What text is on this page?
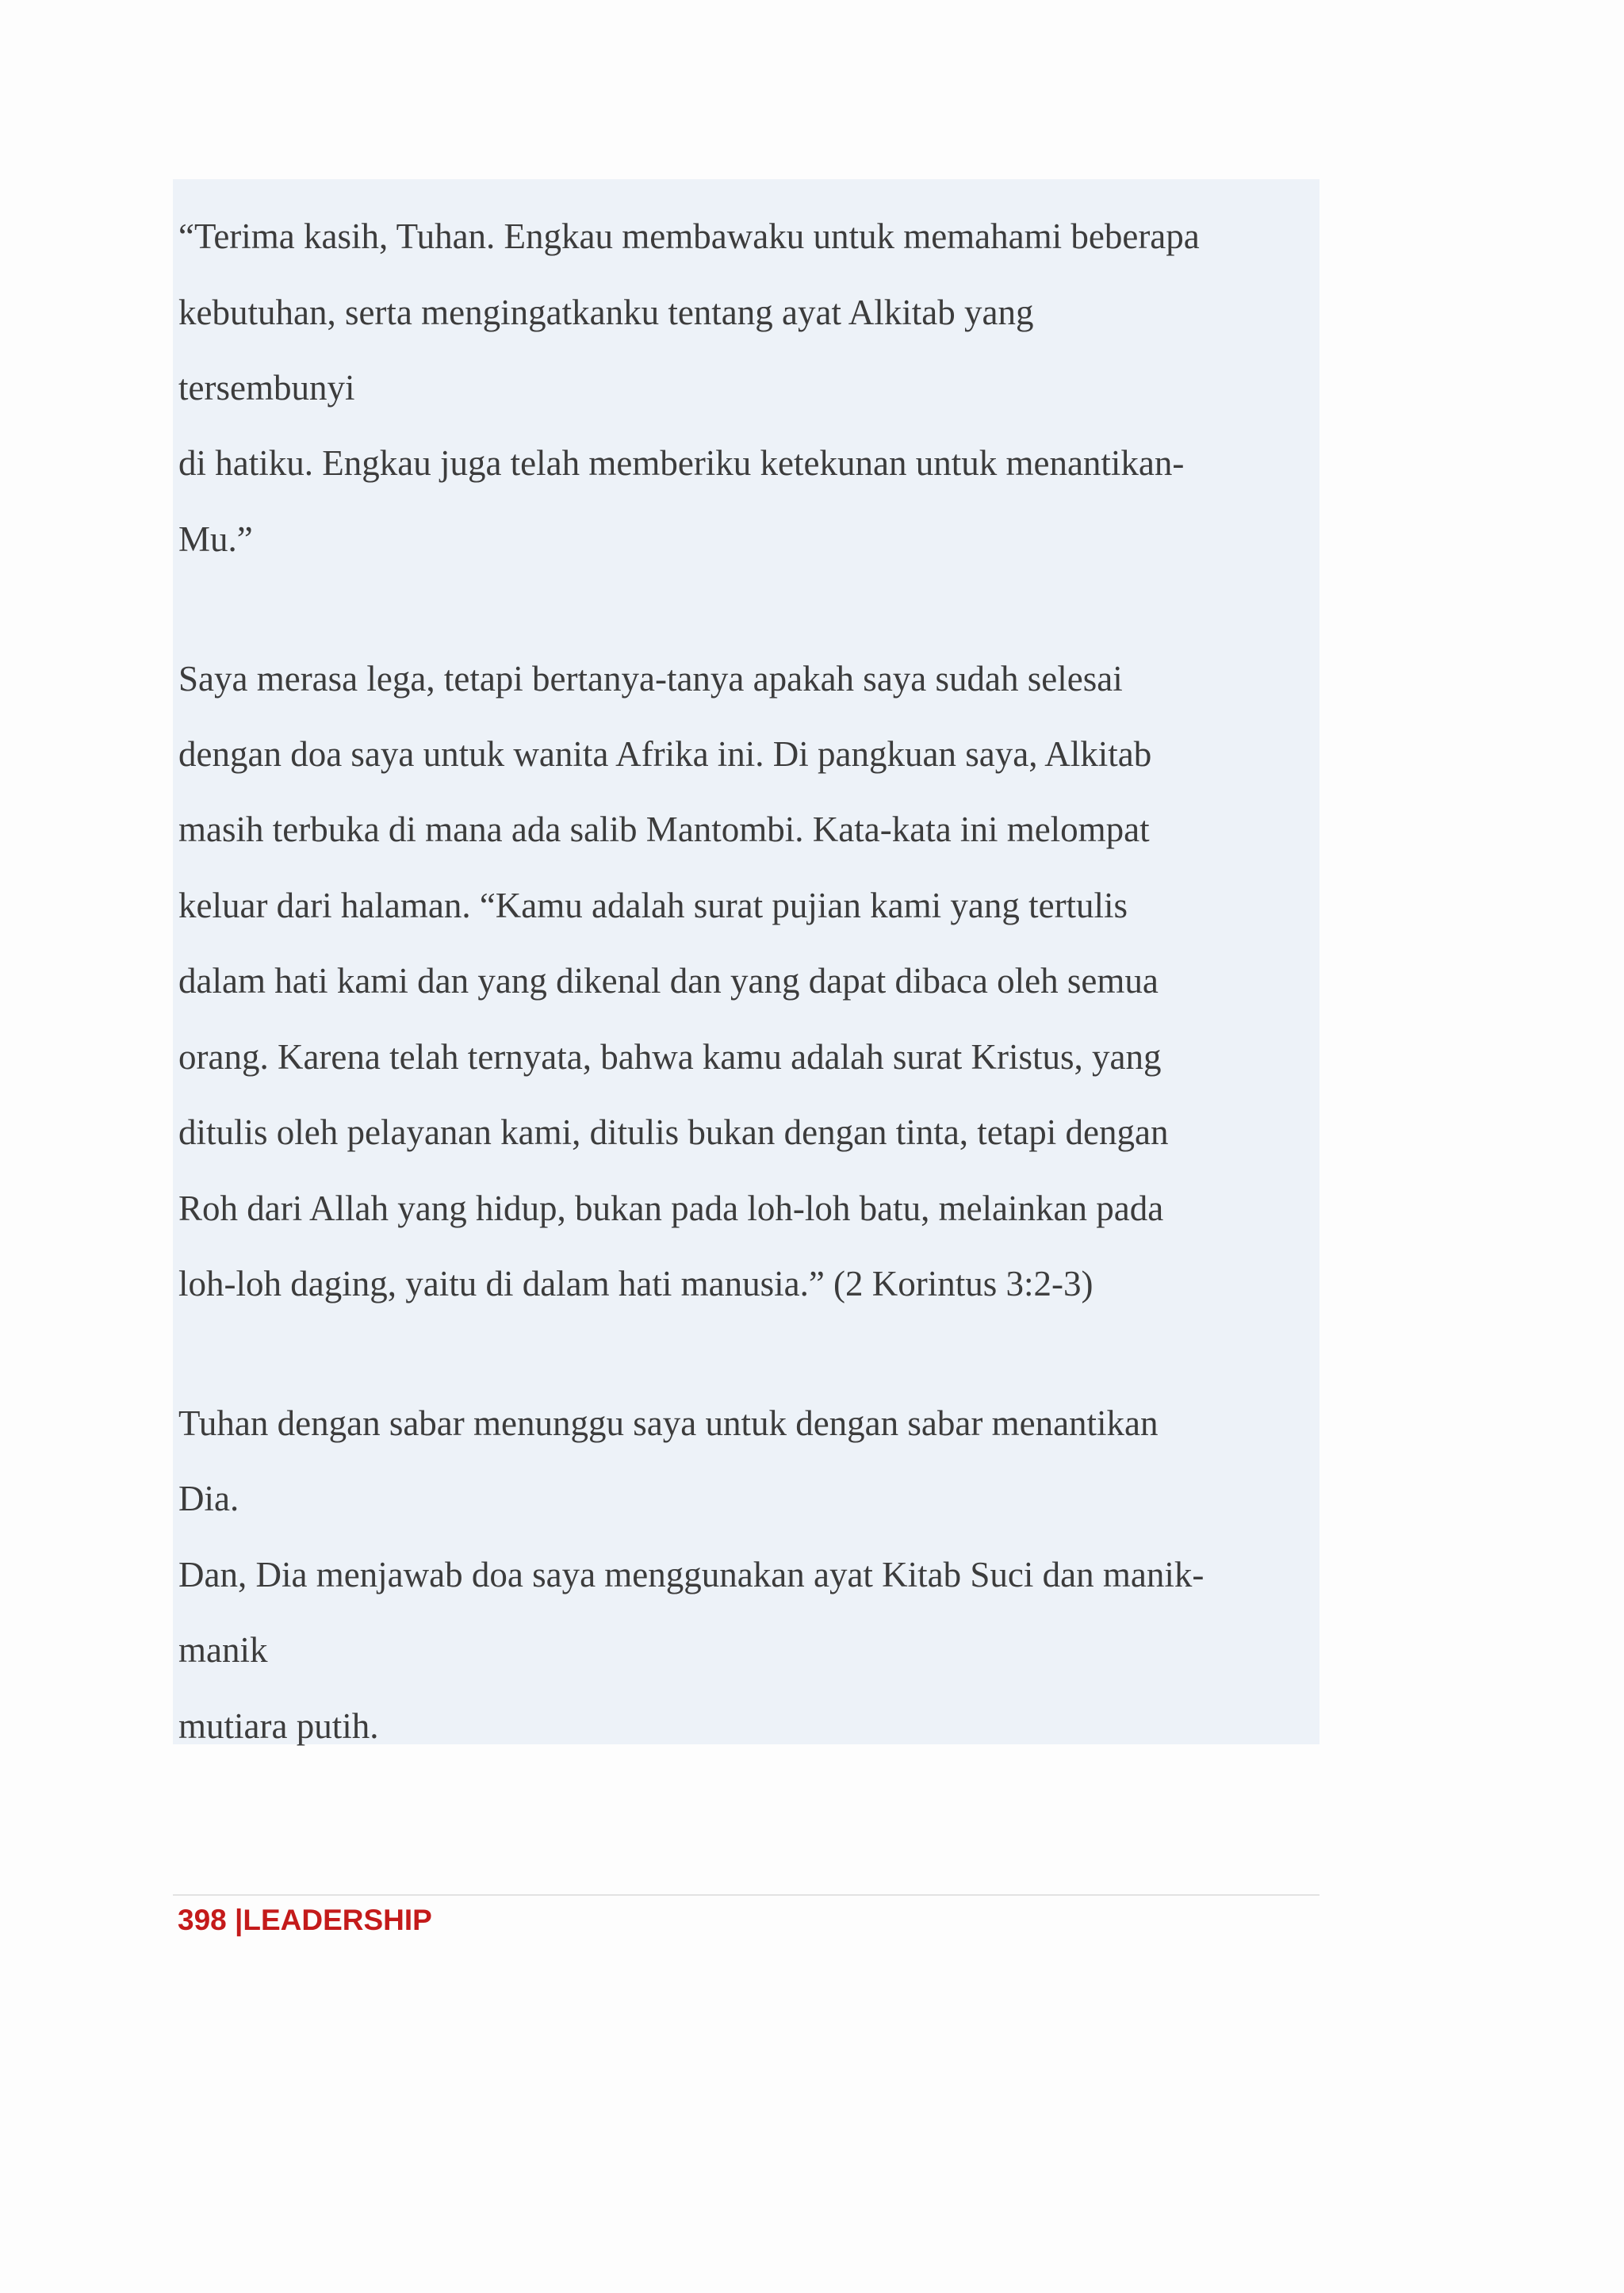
“Terima kasih, Tuhan. Engkau membawaku untuk memahami beberapa
kebutuhan, serta mengingatkanku tentang ayat Alkitab yang
tersembunyi
di hatiku. Engkau juga telah memberiku ketekunan untuk menantikan-
Mu.”
Saya merasa lega, tetapi bertanya-tanya apakah saya sudah selesai
dengan doa saya untuk wanita Afrika ini. Di pangkuan saya, Alkitab
masih terbuka di mana ada salib Mantombi. Kata-kata ini melompat
keluar dari halaman. “Kamu adalah surat pujian kami yang tertulis
dalam hati kami dan yang dikenal dan yang dapat dibaca oleh semua
orang. Karena telah ternyata, bahwa kamu adalah surat Kristus, yang
ditulis oleh pelayanan kami, ditulis bukan dengan tinta, tetapi dengan
Roh dari Allah yang hidup, bukan pada loh-loh batu, melainkan pada
loh-loh daging, yaitu di dalam hati manusia.” (2 Korintus 3:2-3)
Tuhan dengan sabar menunggu saya untuk dengan sabar menantikan
Dia.
Dan, Dia menjawab doa saya menggunakan ayat Kitab Suci dan manik-
manik
mutiara putih.
398 |LEADERSHIP
